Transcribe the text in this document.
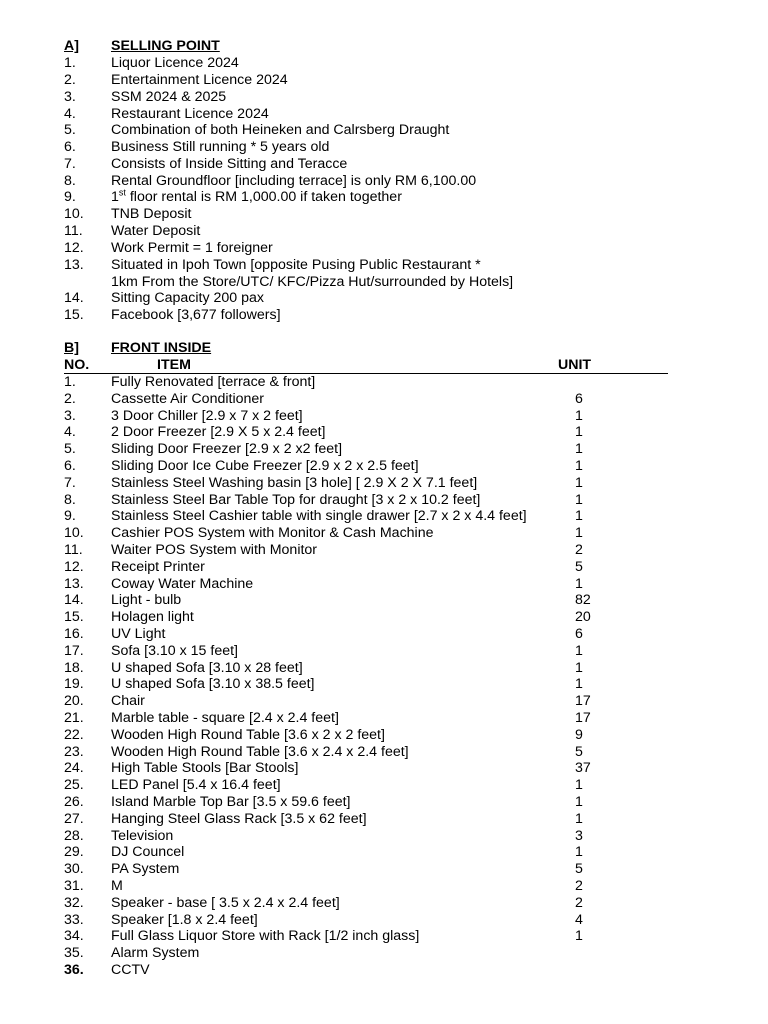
A] SELLING POINT
1. Liquor Licence 2024
2. Entertainment Licence 2024
3. SSM 2024 & 2025
4. Restaurant Licence 2024
5. Combination of both Heineken and Calrsberg Draught
6. Business Still running * 5 years old
7. Consists of Inside Sitting and Teracce
8. Rental Groundfloor [including terrace] is only RM 6,100.00
9. 1st floor rental is RM 1,000.00 if taken together
10. TNB Deposit
11. Water Deposit
12. Work Permit = 1 foreigner
13. Situated in Ipoh Town [opposite Pusing Public Restaurant *
1km From the Store/UTC/ KFC/Pizza Hut/surrounded by Hotels]
14. Sitting Capacity 200 pax
15. Facebook [3,677 followers]
B] FRONT INSIDE
NO.	ITEM	UNIT
1. Fully Renovated [terrace & front]
2. Cassette Air Conditioner	6
3. 3 Door Chiller [2.9 x 7 x 2 feet]	1
4. 2 Door Freezer [2.9 X 5 x 2.4 feet]	1
5. Sliding Door Freezer [2.9 x 2 x2 feet]	1
6. Sliding Door Ice Cube Freezer [2.9 x 2 x 2.5 feet]	1
7. Stainless Steel Washing basin [3 hole] [ 2.9 X 2 X 7.1 feet]	1
8. Stainless Steel Bar Table Top for draught [3 x 2 x 10.2 feet]	1
9. Stainless Steel Cashier table with single drawer [2.7 x 2 x 4.4 feet]	1
10. Cashier POS System with Monitor & Cash Machine	1
11. Waiter POS System with Monitor	2
12. Receipt Printer	5
13. Coway Water Machine	1
14. Light - bulb	82
15. Holagen light	20
16. UV Light	6
17. Sofa [3.10 x 15 feet]	1
18. U shaped Sofa [3.10 x 28 feet]	1
19. U shaped Sofa [3.10 x 38.5 feet]	1
20. Chair	17
21. Marble table - square [2.4 x 2.4 feet]	17
22. Wooden High Round Table [3.6 x 2 x 2 feet]	9
23. Wooden High Round Table [3.6 x 2.4 x 2.4 feet]	5
24. High Table Stools [Bar Stools]	37
25. LED Panel [5.4 x 16.4 feet]	1
26. Island Marble Top Bar [3.5 x 59.6 feet]	1
27. Hanging Steel Glass Rack [3.5 x 62 feet]	1
28. Television	3
29. DJ Councel	1
30. PA System	5
31. M	2
32. Speaker - base [ 3.5 x 2.4 x 2.4 feet]	2
33. Speaker [1.8 x 2.4 feet]	4
34. Full Glass Liquor Store with Rack [1/2 inch glass]	1
35. Alarm System
36. CCTV
